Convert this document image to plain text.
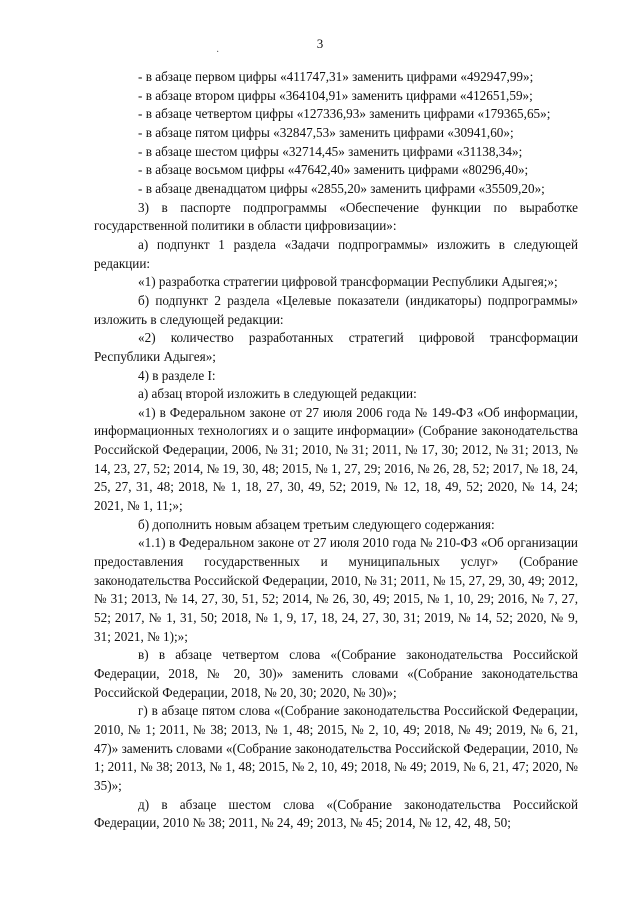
3
·

- в абзаце первом цифры «411747,31» заменить цифрами «492947,99»;

- в абзаце втором цифры «364104,91» заменить цифрами «412651,59»;

- в абзаце четвертом цифры «127336,93» заменить цифрами «179365,65»;

- в абзаце пятом цифры «32847,53» заменить цифрами «30941,60»;

- в абзаце шестом цифры «32714,45» заменить цифрами «31138,34»;

- в абзаце восьмом цифры «47642,40» заменить цифрами «80296,40»;

- в абзаце двенадцатом цифры «2855,20» заменить цифрами «35509,20»;

3) в паспорте подпрограммы «Обеспечение функции по выработке государственной политики в области цифровизации»:

а) подпункт 1 раздела «Задачи подпрограммы» изложить в следующей редакции:

«1) разработка стратегии цифровой трансформации Республики Адыгея;»;

б) подпункт 2 раздела «Целевые показатели (индикаторы) подпрограммы» изложить в следующей редакции:

«2) количество разработанных стратегий цифровой трансформации Республики Адыгея»;

4) в разделе I:

а) абзац второй изложить в следующей редакции:

«1) в Федеральном законе от 27 июля 2006 года № 149-ФЗ «Об информации, информационных технологиях и о защите информации» (Собрание законодательства Российской Федерации, 2006, № 31; 2010, № 31; 2011, № 17, 30; 2012, № 31; 2013, № 14, 23, 27, 52; 2014, № 19, 30, 48; 2015, № 1, 27, 29; 2016, № 26, 28, 52; 2017, № 18, 24, 25, 27, 31, 48; 2018, № 1, 18, 27, 30, 49, 52; 2019, № 12, 18, 49, 52; 2020, № 14, 24; 2021, № 1, 11;»;

б) дополнить новым абзацем третьим следующего содержания:

«1.1) в Федеральном законе от 27 июля 2010 года № 210-ФЗ «Об организации предоставления государственных и муниципальных услуг» (Собрание законодательства Российской Федерации, 2010, № 31; 2011, № 15, 27, 29, 30, 49; 2012, № 31; 2013, № 14, 27, 30, 51, 52; 2014, № 26, 30, 49; 2015, № 1, 10, 29; 2016, № 7, 27, 52; 2017, № 1, 31, 50; 2018, № 1, 9, 17, 18, 24, 27, 30, 31; 2019, № 14, 52; 2020, № 9, 31; 2021, № 1);»;

в) в абзаце четвертом слова «(Собрание законодательства Российской Федерации, 2018, № 20, 30)» заменить словами «(Собрание законодательства Российской Федерации, 2018, № 20, 30; 2020, № 30)»;

г) в абзаце пятом слова «(Собрание законодательства Российской Федерации, 2010, № 1; 2011, № 38; 2013, № 1, 48; 2015, № 2, 10, 49; 2018, № 49; 2019, № 6, 21, 47)» заменить словами «(Собрание законодательства Российской Федерации, 2010, № 1; 2011, № 38; 2013, № 1, 48; 2015, № 2, 10, 49; 2018, № 49; 2019, № 6, 21, 47; 2020, № 35)»;

д) в абзаце шестом слова «(Собрание законодательства Российской Федерации, 2010 № 38; 2011, № 24, 49; 2013, № 45; 2014, № 12, 42, 48, 50;
